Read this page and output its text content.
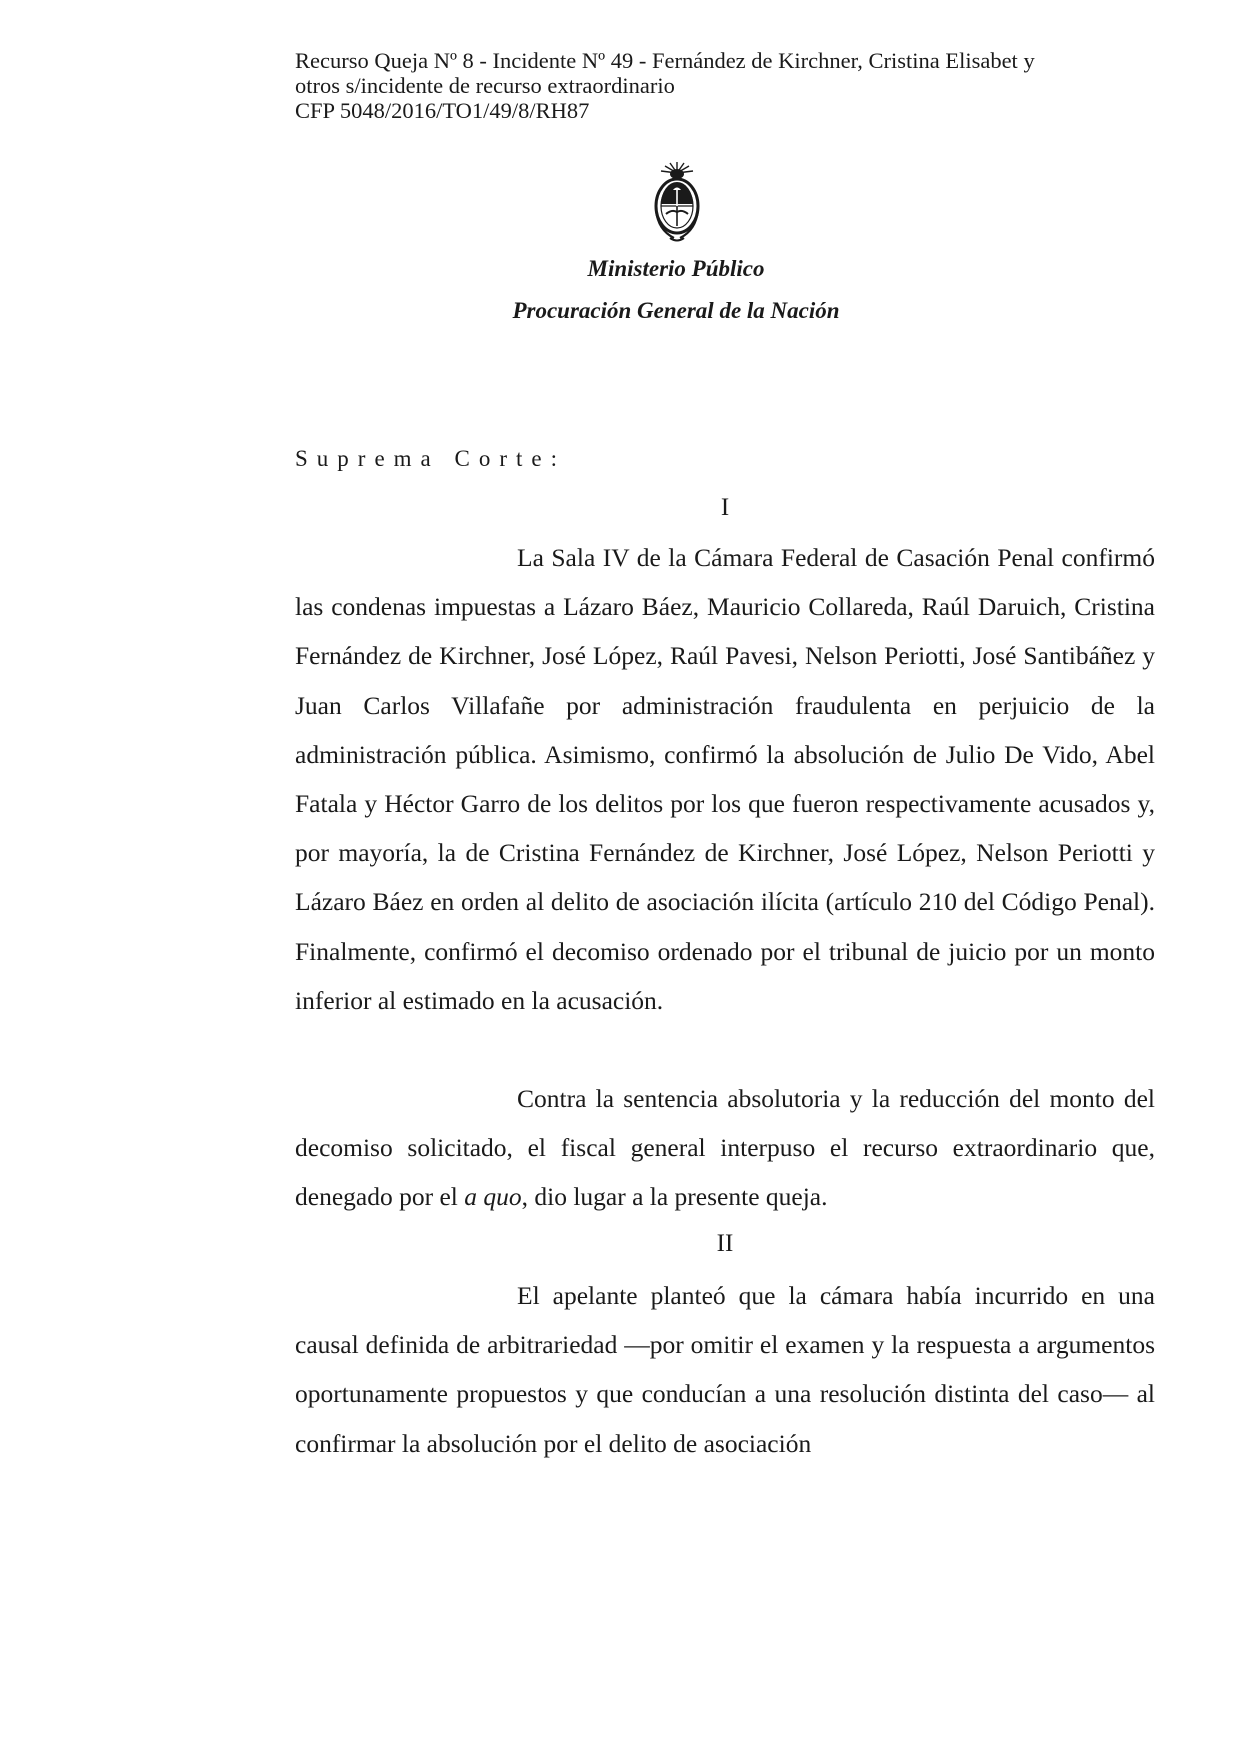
Recurso Queja Nº 8 - Incidente Nº 49 - Fernández de Kirchner, Cristina Elisabet y
otros s/incidente de recurso extraordinario
CFP 5048/2016/TO1/49/8/RH87
Ministerio Público
Procuración General de la Nación
Suprema Corte:
I

La Sala IV de la Cámara Federal de Casación Penal confirmó las condenas impuestas a Lázaro Báez, Mauricio Collareda, Raúl Daruich, Cristina Fernández de Kirchner, José López, Raúl Pavesi, Nelson Periotti, José Santibáñez y Juan Carlos Villafañe por administración fraudulenta en perjuicio de la administración pública. Asimismo, confirmó la absolución de Julio De Vido, Abel Fatala y Héctor Garro de los delitos por los que fueron respectivamente acusados y, por mayoría, la de Cristina Fernández de Kirchner, José López, Nelson Periotti y Lázaro Báez en orden al delito de asociación ilícita (artículo 210 del Código Penal). Finalmente, confirmó el decomiso ordenado por el tribunal de juicio por un monto inferior al estimado en la acusación.

Contra la sentencia absolutoria y la reducción del monto del decomiso solicitado, el fiscal general interpuso el recurso extraordinario que, denegado por el a quo, dio lugar a la presente queja.

II

El apelante planteó que la cámara había incurrido en una causal definida de arbitrariedad —por omitir el examen y la respuesta a argumentos oportunamente propuestos y que conducían a una resolución distinta del caso— al confirmar la absolución por el delito de asociación
